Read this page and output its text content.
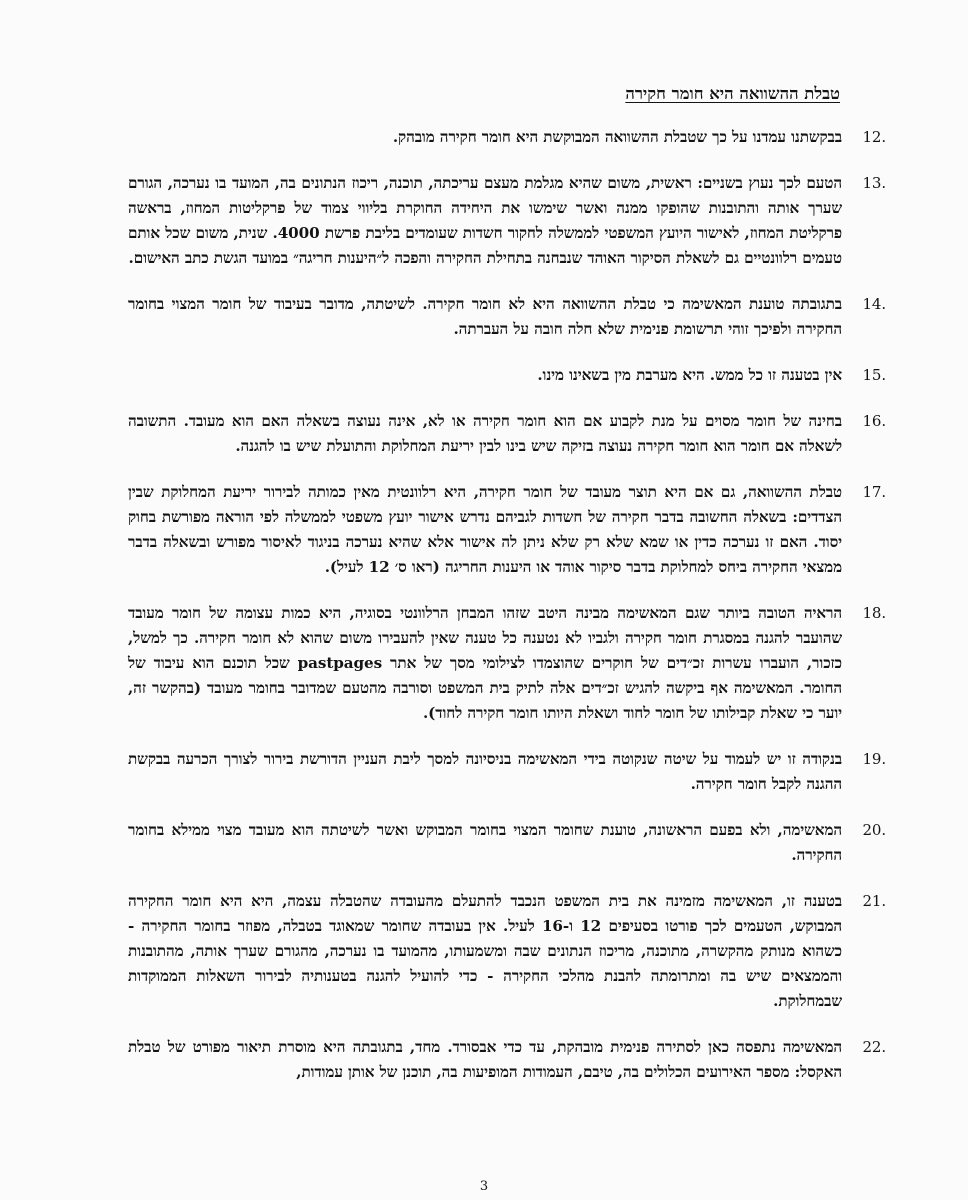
טבלת ההשוואה היא חומר חקירה
12.
בבקשתנו עמדנו על כך שטבלת ההשוואה המבוקשת היא חומר חקירה מובהק.
13.
הטעם לכך נעוץ בשניים: ראשית, משום שהיא מגלמת מעצם עריכתה, תוכנה, ריכוז הנתונים בה, המועד בו נערכה, הגורם שערך אותה והתובנות שהופקו ממנה ואשר שימשו את היחידה החוקרת בליווי צמוד של פרקליטות המחוז, בראשה פרקליטת המחוז, לאישור היועץ המשפטי לממשלה לחקור חשדות שעומדים בליבת פרשת 4000. שנית, משום שכל אותם טעמים רלוונטיים גם לשאלת הסיקור האוהד שנבחנה בתחילת החקירה והפכה ל״היענות חריגה״ במועד הגשת כתב האישום.
14.
בתגובתה טוענת המאשימה כי טבלת ההשוואה היא לא חומר חקירה. לשיטתה, מדובר בעיבוד של חומר המצוי בחומר החקירה ולפיכך זוהי תרשומת פנימית שלא חלה חובה על העברתה.
15.
אין בטענה זו כל ממש. היא מערבת מין בשאינו מינו.
16.
בחינה של חומר מסוים על מנת לקבוע אם הוא חומר חקירה או לא, אינה נעוצה בשאלה האם הוא מעובד. התשובה לשאלה אם חומר הוא חומר חקירה נעוצה בזיקה שיש בינו לבין יריעת המחלוקת והתועלת שיש בו להגנה.
17.
טבלת ההשוואה, גם אם היא תוצר מעובד של חומר חקירה, היא רלוונטית מאין כמותה לבירור יריעת המחלוקת שבין הצדדים: בשאלה החשובה בדבר חקירה של חשדות לגביהם נדרש אישור יועץ משפטי לממשלה לפי הוראה מפורשת בחוק יסוד. האם זו נערכה כדין או שמא שלא רק שלא ניתן לה אישור אלא שהיא נערכה בניגוד לאיסור מפורש ובשאלה בדבר ממצאי החקירה ביחס למחלוקת בדבר סיקור אוהד או היענות החריגה (ראו ס׳ 12 לעיל).
18.
הראיה הטובה ביותר שגם המאשימה מבינה היטב שזהו המבחן הרלוונטי בסוגיה, היא כמות עצומה של חומר מעובד שהועבר להגנה במסגרת חומר חקירה ולגביו לא נטענה כל טענה שאין להעבירו משום שהוא לא חומר חקירה. כך למשל, כזכור, הועברו עשרות זכ״דים של חוקרים שהוצמדו לצילומי מסך של אתר pastpages שכל תוכנם הוא עיבוד של החומר. המאשימה אף ביקשה להגיש זכ״דים אלה לתיק בית המשפט וסורבה מהטעם שמדובר בחומר מעובד (בהקשר זה, יוער כי שאלת קבילותו של חומר לחוד ושאלת היותו חומר חקירה לחוד).
19.
בנקודה זו יש לעמוד על שיטה שנקוטה בידי המאשימה בניסיונה למסך ליבת העניין הדורשת בירור לצורך הכרעה בבקשת ההגנה לקבל חומר חקירה.
20.
המאשימה, ולא בפעם הראשונה, טוענת שחומר המצוי בחומר המבוקש ואשר לשיטתה הוא מעובד מצוי ממילא בחומר החקירה.
21.
בטענה זו, המאשימה מזמינה את בית המשפט הנכבד להתעלם מהעובדה שהטבלה עצמה, היא היא חומר החקירה המבוקש, הטעמים לכך פורטו בסעיפים 12 ו-16 לעיל. אין בעובדה שחומר שמאוגד בטבלה, מפוזר בחומר החקירה - כשהוא מנותק מהקשרה, מתוכנה, מריכוז הנתונים שבה ומשמעותו, מהמועד בו נערכה, מהגורם שערך אותה, מהתובנות והממצאים שיש בה ומתרומתה להבנת מהלכי החקירה - כדי להועיל להגנה בטענותיה לבירור השאלות הממוקדות שבמחלוקת.
22.
המאשימה נתפסה כאן לסתירה פנימית מובהקת, עד כדי אבסורד. מחד, בתגובתה היא מוסרת תיאור מפורט של טבלת האקסל: מספר האירועים הכלולים בה, טיבם, העמודות המופיעות בה, תוכנן של אותן עמודות,
3
